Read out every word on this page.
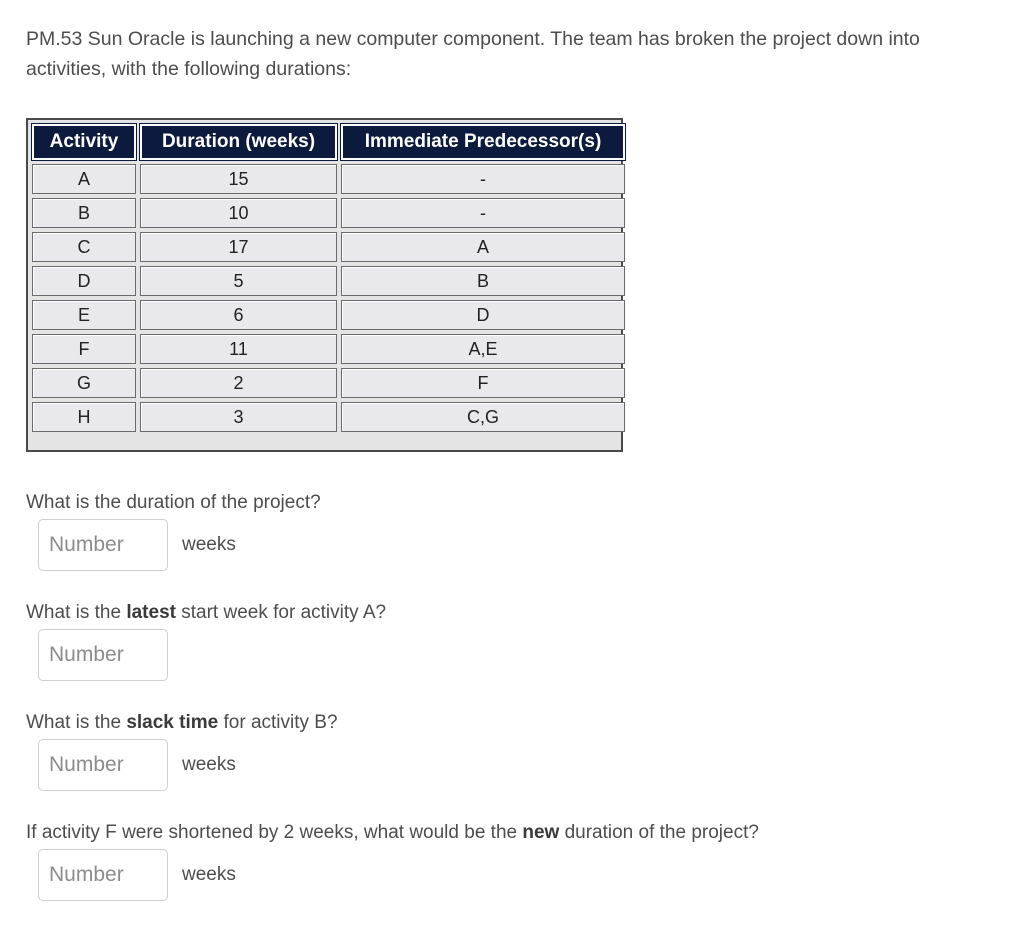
PM.53 Sun Oracle is launching a new computer component. The team has broken the project down into activities, with the following durations:

Activity	Duration (weeks)	Immediate Predecessor(s)
A	15	-
B	10	-
C	17	A
D	5	B
E	6	D
F	11	A,E
G	2	F
H	3	C,G

What is the duration of the project?

Number
weeks

What is the latest start week for activity A?

Number

What is the slack time for activity B?

Number
weeks

If activity F were shortened by 2 weeks, what would be the new duration of the project?

Number
weeks
